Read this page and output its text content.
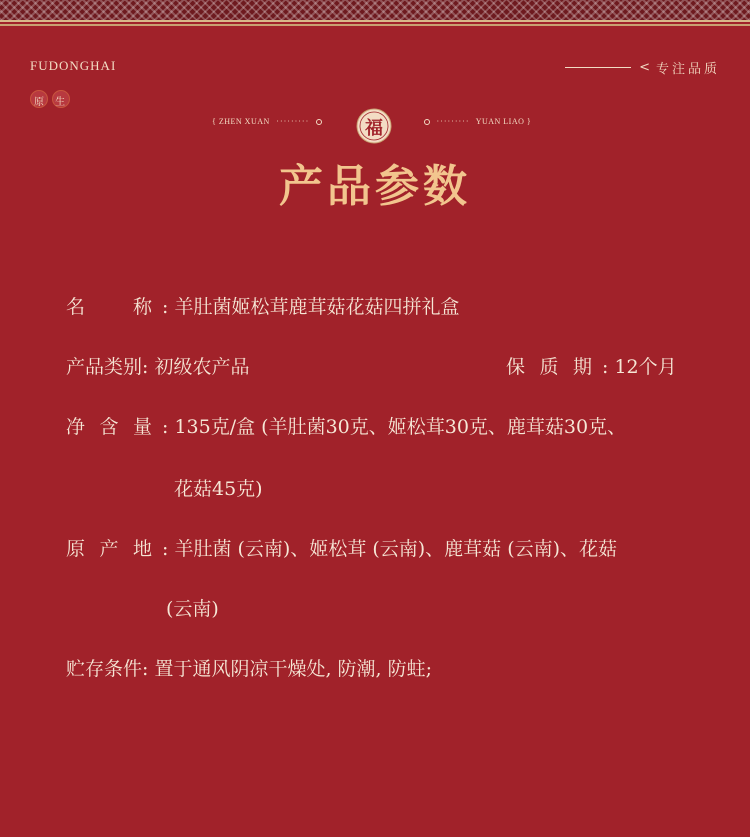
FUDONGHAI
原 生
< 专注品质
{ ZHEN XUAN ·········	福	········· YUAN LIAO }
产品参数
名	称 : 羊肚菌姬松茸鹿茸菇花菇四拼礼盒
产品类别: 初级农产品	保 质 期 : 12个月
净 含 量 : 135克/盒 (羊肚菌30克、姬松茸30克、鹿茸菇30克、
花菇45克)
原 产 地 : 羊肚菌 (云南)、姬松茸 (云南)、鹿茸菇 (云南)、花菇
(云南)
贮存条件: 置于通风阴凉干燥处, 防潮, 防蛀;
